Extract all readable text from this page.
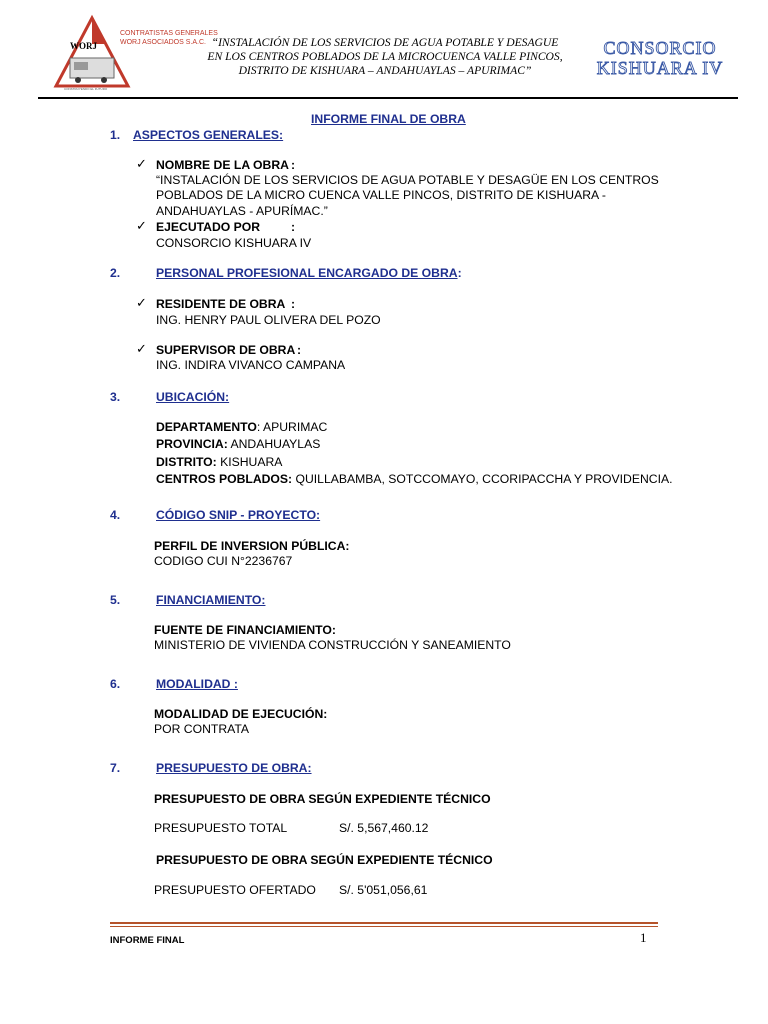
WORJ
CONTRATISTAS GENERALES
WORJ ASOCIADOS S.A.C.
CONSTRUYENDO EL FUTURO
“INSTALACIÓN DE LOS SERVICIOS DE AGUA POTABLE Y DESAGUE
EN LOS CENTROS POBLADOS DE LA MICROCUENCA VALLE PINCOS,
DISTRITO DE KISHUARA – ANDAHUAYLAS – APURIMAC”
CONSORCIO
KISHUARA IV
INFORME FINAL DE OBRA
1. ASPECTOS GENERALES:
✓ NOMBRE DE LA OBRA :
“INSTALACIÓN DE LOS SERVICIOS DE AGUA POTABLE Y DESAGÜE EN LOS CENTROS
POBLADOS DE LA MICRO CUENCA VALLE PINCOS, DISTRITO DE KISHUARA -
ANDAHUAYLAS - APURÍMAC.”
✓ EJECUTADO POR	:
CONSORCIO KISHUARA IV
2.	PERSONAL PROFESIONAL ENCARGADO DE OBRA:
✓ RESIDENTE DE OBRA :
ING. HENRY PAUL OLIVERA DEL POZO
✓ SUPERVISOR DE OBRA :
ING. INDIRA VIVANCO CAMPANA
3.	UBICACIÓN:
DEPARTAMENTO: APURIMAC
PROVINCIA: ANDAHUAYLAS
DISTRITO: KISHUARA
CENTROS POBLADOS: QUILLABAMBA, SOTCCOMAYO, CCORIPACCHA Y PROVIDENCIA.
4.	CÓDIGO SNIP - PROYECTO:
PERFIL DE INVERSION PÚBLICA:
CODIGO CUI N°2236767
5.	FINANCIAMIENTO:
FUENTE DE FINANCIAMIENTO:
MINISTERIO DE VIVIENDA CONSTRUCCIÓN Y SANEAMIENTO
6.	MODALIDAD :
MODALIDAD DE EJECUCIÓN:
POR CONTRATA
7.	PRESUPUESTO DE OBRA:
PRESUPUESTO DE OBRA SEGÚN EXPEDIENTE TÉCNICO
PRESUPUESTO TOTAL	S/. 5,567,460.12
PRESUPUESTO DE OBRA SEGÚN EXPEDIENTE TÉCNICO
PRESUPUESTO OFERTADO S/. 5'051,056,61
INFORME FINAL	1
